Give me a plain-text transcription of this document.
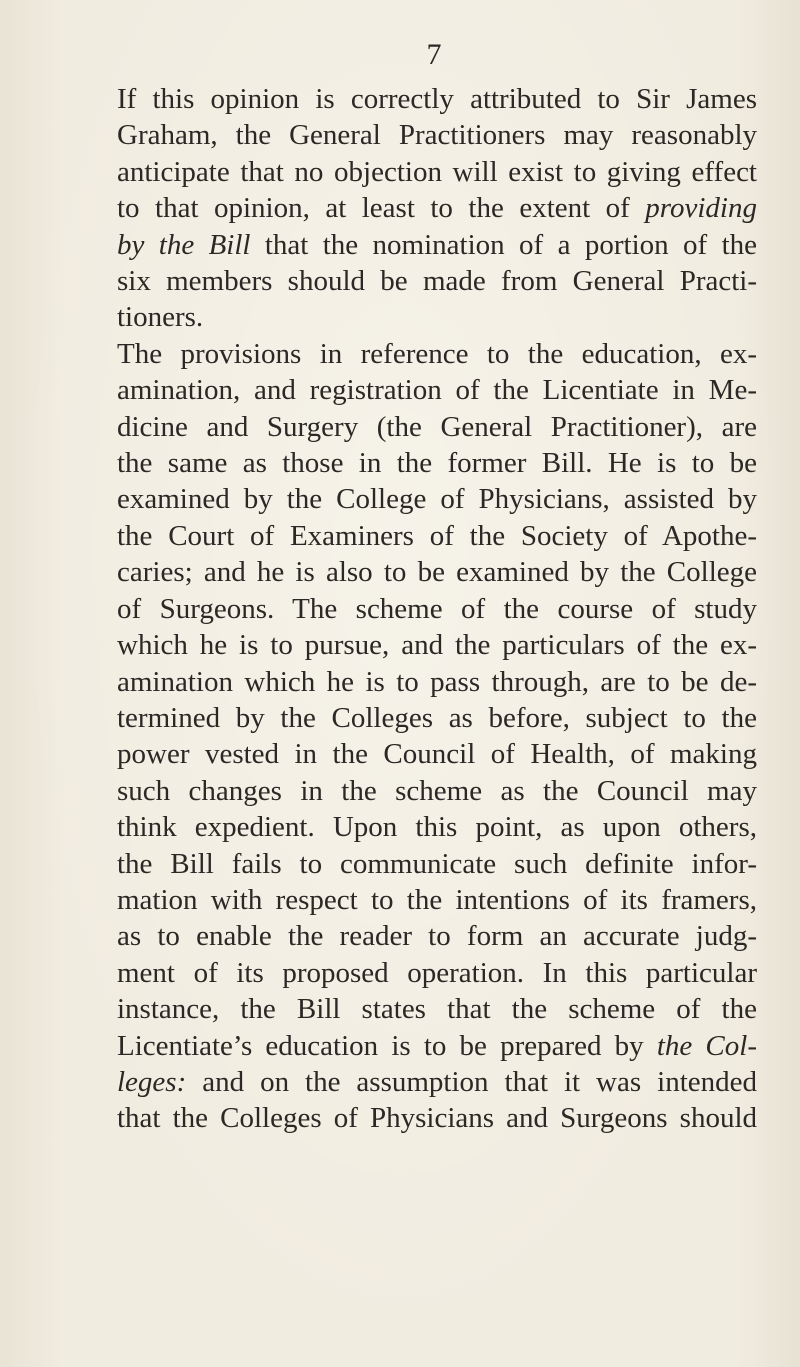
7
If this opinion is correctly attributed to Sir James
Graham, the General Practitioners may reasonably
anticipate that no objection will exist to giving effect
to that opinion, at least to the extent of providing
by the Bill that the nomination of a portion of the
six members should be made from General Practi-
tioners.
The provisions in reference to the education, ex-
amination, and registration of the Licentiate in Me-
dicine and Surgery (the General Practitioner), are
the same as those in the former Bill. He is to be
examined by the College of Physicians, assisted by
the Court of Examiners of the Society of Apothe-
caries; and he is also to be examined by the College
of Surgeons. The scheme of the course of study
which he is to pursue, and the particulars of the ex-
amination which he is to pass through, are to be de-
termined by the Colleges as before, subject to the
power vested in the Council of Health, of making
such changes in the scheme as the Council may
think expedient. Upon this point, as upon others,
the Bill fails to communicate such definite infor-
mation with respect to the intentions of its framers,
as to enable the reader to form an accurate judg-
ment of its proposed operation. In this particular
instance, the Bill states that the scheme of the
Licentiate’s education is to be prepared by the Col-
leges: and on the assumption that it was intended
that the Colleges of Physicians and Surgeons should
